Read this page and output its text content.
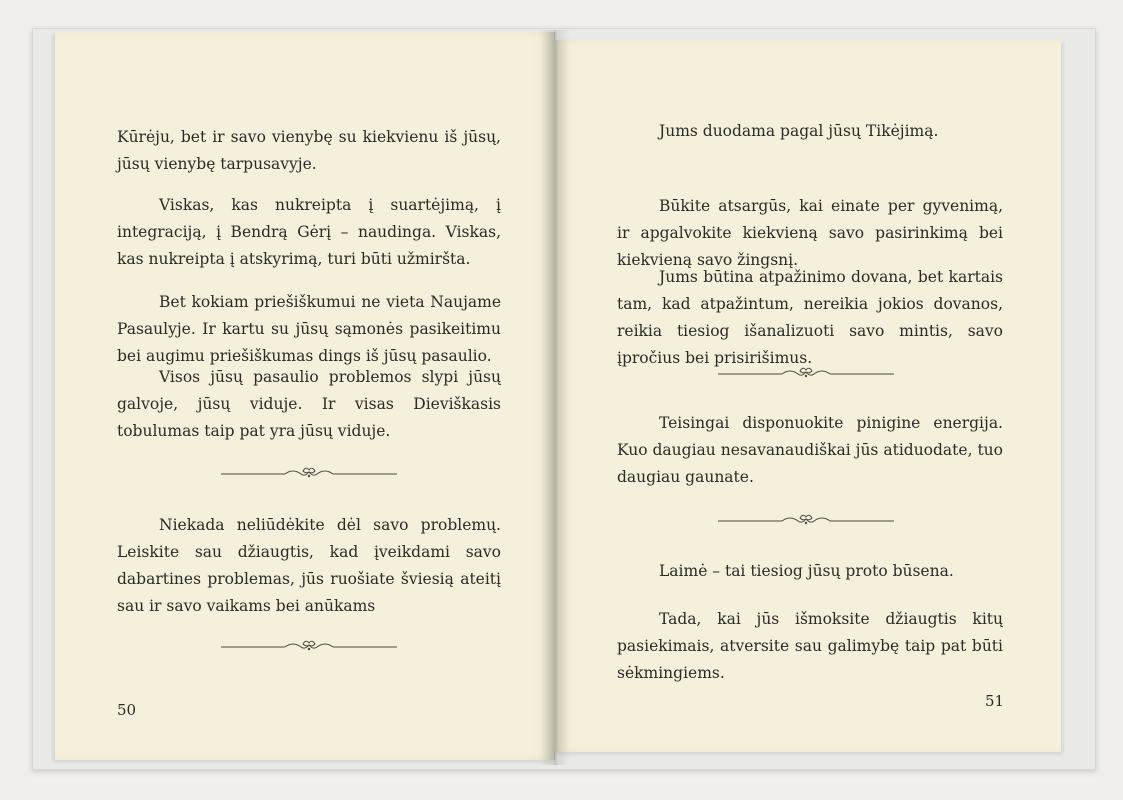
Kūrėju, bet ir savo vienybę su kiekvienu iš jūsų, jūsų vienybę tarpusavyje.

Viskas, kas nukreipta į suartėjimą, į integraciją, į Bendrą Gėrį – naudinga. Viskas, kas nukreipta į atskyrimą, turi būti užmiršta.

Bet kokiam priešiškumui ne vieta Naujame Pasaulyje. Ir kartu su jūsų sąmonės pasikeitimu bei augimu priešiškumas dings iš jūsų pasaulio.

Visos jūsų pasaulio problemos slypi jūsų galvoje, jūsų viduje. Ir visas Dieviškasis tobulumas taip pat yra jūsų viduje.

Niekada neliūdėkite dėl savo problemų. Leiskite sau džiaugtis, kad įveikdami savo dabartines problemas, jūs ruošiate šviesią ateitį sau ir savo vaikams bei anūkams

50

Jums duodama pagal jūsų Tikėjimą.

Būkite atsargūs, kai einate per gyvenimą, ir apgalvokite kiekvieną savo pasirinkimą bei kiekvieną savo žingsnį.

Jums būtina atpažinimo dovana, bet kartais tam, kad atpažintum, nereikia jokios dovanos, reikia tiesiog išanalizuoti savo mintis, savo įpročius bei prisirišimus.

Teisingai disponuokite pinigine energija. Kuo daugiau nesavanaudiškai jūs atiduodate, tuo daugiau gaunate.

Laimė – tai tiesiog jūsų proto būsena.

Tada, kai jūs išmoksite džiaugtis kitų pasiekimais, atversite sau galimybę taip pat būti sėkmingiems.

51
